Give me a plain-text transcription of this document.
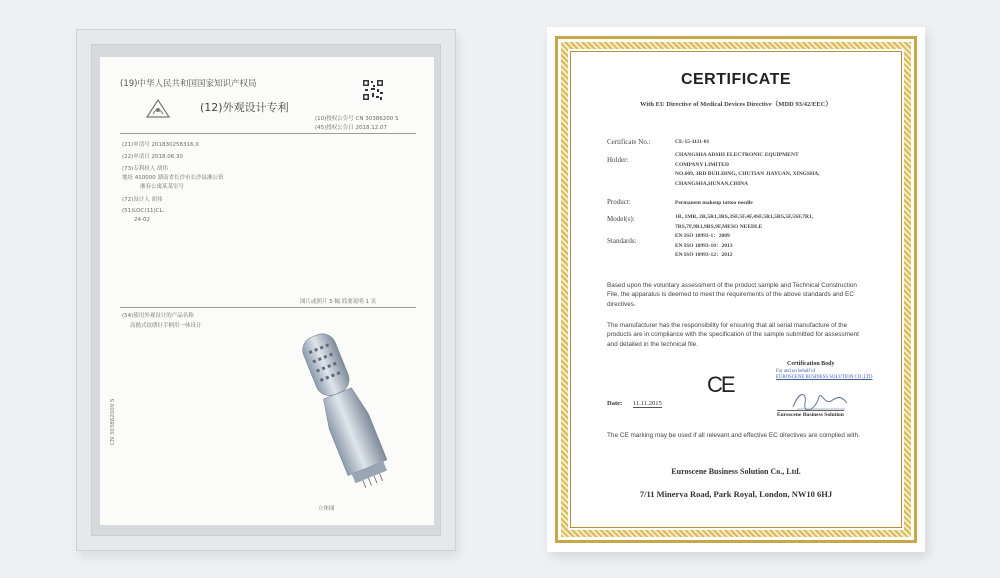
(19)中华人民共和国国家知识产权局
(12)外观设计专利
(10)授权公告号 CN 30386200 S
(45)授权公告日 2018.12.07
(21)申请号 201830258316.X
(22)申请日 2018.06.30
(73)专利权人 胡伟
地址 410000 湖南省长沙市长沙县湘公馆
湘春公寓某某室号
(72)设计人 胡伟
(51)LOC(11)CL.
24-02
图片或照片 5 幅 简要说明 1 页
(54)使用外观设计的产品名称
高抛式纹绣针手柄用一体设计
立体图
CN 303862009 S
CERTIFICATE
With EU Directive of Medical Devices Directive（MDD 93/42/EEC）
Certificate No.:	CE-15-1111-01
Holder:
CHANGSHA ADSHI ELECTRONIC EQUIPMENT
COMPANY LIMITED
NO.609, 3RD BUILDING, CHUTIAN JIAYUAN, XINGSHA,
CHANGSHA,HUNAN,CHINA
Product:	Permanent makeup tattoo needle
Model(s):	1R, 1MR, 2R,5R1,3RS,3SF,5F,4F,4SF,5R1,5RS,5F,5SF,7R1,
7RS,7F,9R1,9RS,9F,MESO NEEDLE
Standards:
EN ISO 10993-1：2009
EN ISO 10993-10：2013
EN ISO 10993-12：2012
Based upon the voluntary assessment of the product sample and Technical Construction File, the apparatus is deemed to meet the requirements of the above standards and EC directives.
The manufacturer has the responsibility for ensuring that all serial manufacture of the products are in compliance with the specification of the sample submitted for assessment and detailed in the technical file.
CE
Certification Body
For and on behalf of
EUROSCENE BUSINESS SOLUTION CO.,LTD
Euroscene Business Solution
Date: 11.11.2015
The CE marking may be used if all relevant and effective EC directives are complied with.
Euroscene Business Solution Co., Ltd.
7/11 Minerva Road, Park Royal, London, NW10 6HJ
